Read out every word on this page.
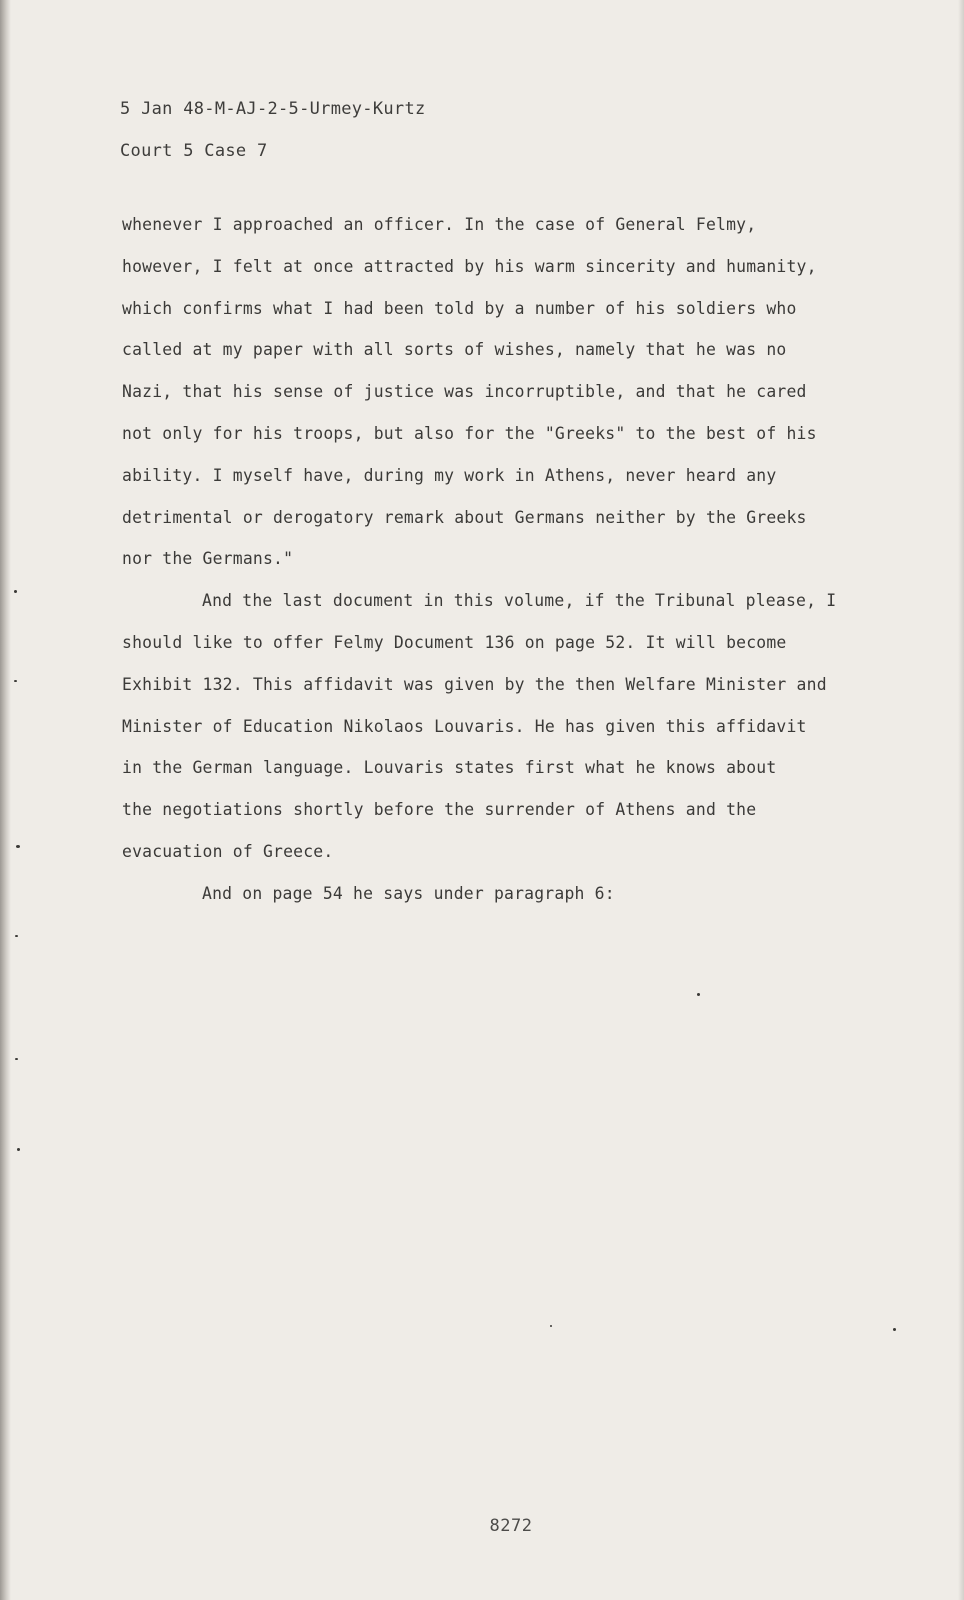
5 Jan 48-M-AJ-2-5-Urmey-Kurtz
Court 5 Case 7
whenever I approached an officer. In the case of General Felmy,
however, I felt at once attracted by his warm sincerity and humanity,
which confirms what I had been told by a number of his soldiers who
called at my paper with all sorts of wishes, namely that he was no
Nazi, that his sense of justice was incorruptible, and that he cared
not only for his troops, but also for the "Greeks" to the best of his
ability. I myself have, during my work in Athens, never heard any
detrimental or derogatory remark about Germans neither by the Greeks
nor the Germans."
And the last document in this volume, if the Tribunal please, I
should like to offer Felmy Document 136 on page 52. It will become
Exhibit 132. This affidavit was given by the then Welfare Minister and
Minister of Education Nikolaos Louvaris. He has given this affidavit
in the German language. Louvaris states first what he knows about
the negotiations shortly before the surrender of Athens and the
evacuation of Greece.
And on page 54 he says under paragraph 6:
8272
